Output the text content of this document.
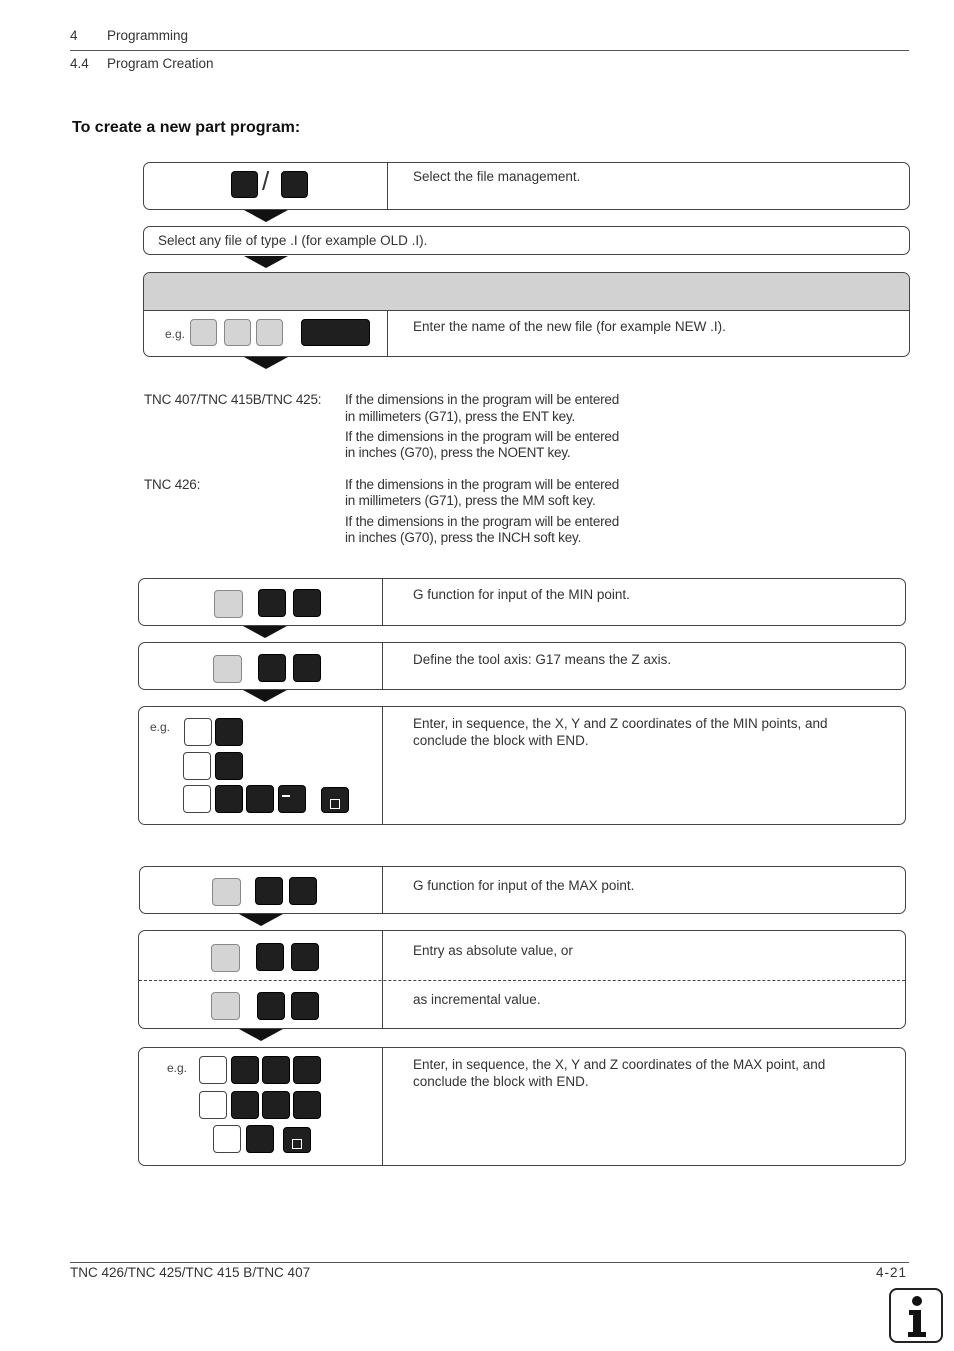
4 Programming
4.4 Program Creation
To create a new part program:
/	Select the file management.
Select any file of type .I (for example OLD .I).
e.g.	Enter the name of the new file (for example NEW .I).
TNC 407/TNC 415B/TNC 425: If the dimensions in the program will be entered
in millimeters (G71), press the ENT key.
If the dimensions in the program will be entered
in inches (G70), press the NOENT key.
TNC 426:	If the dimensions in the program will be entered
in millimeters (G71), press the MM soft key.
If the dimensions in the program will be entered
in inches (G70), press the INCH soft key.
G function for input of the MIN point.
Define the tool axis: G17 means the Z axis.
e.g.	Enter, in sequence, the X, Y and Z coordinates of the MIN points, and conclude the block with END.
G function for input of the MAX point.
Entry as absolute value, or
as incremental value.
e.g.	Enter, in sequence, the X, Y and Z coordinates of the MAX point, and conclude the block with END.
TNC 426/TNC 425/TNC 415 B/TNC 407	4-21
